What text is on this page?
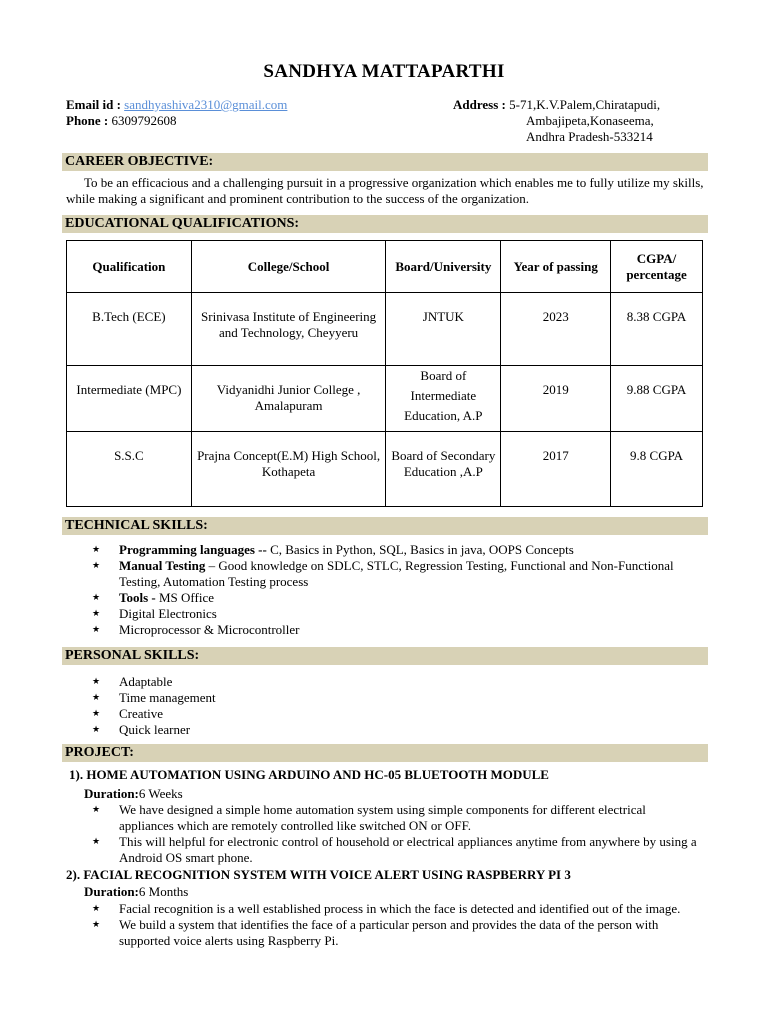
SANDHYA MATTAPARTHI
Email id : sandhyashiva2310@gmail.com
Phone : 6309792608
Address : 5-71,K.V.Palem,Chiratapudi,
Ambajipeta,Konaseema,
Andhra Pradesh-533214
CAREER OBJECTIVE:
To be an efficacious and a challenging pursuit in a progressive organization which enables me to fully utilize my skills, while making a significant and prominent contribution to the success of the organization.
EDUCATIONAL QUALIFICATIONS:
Qualification	College/School	Board/University	Year of passing	CGPA/ percentage
B.Tech (ECE)	Srinivasa Institute of Engineering and Technology, Cheyyeru	JNTUK	2023	8.38 CGPA
Intermediate (MPC)	Vidyanidhi Junior College , Amalapuram	Board of Intermediate Education, A.P	2019	9.88 CGPA
S.S.C	Prajna Concept(E.M) High School, Kothapeta	Board of Secondary Education ,A.P	2017	9.8 CGPA
TECHNICAL SKILLS:
★ Programming languages -- C, Basics in Python, SQL, Basics in java, OOPS Concepts
★ Manual Testing – Good knowledge on SDLC, STLC, Regression Testing, Functional and Non-Functional Testing, Automation Testing process
★ Tools - MS Office
★ Digital Electronics
★ Microprocessor & Microcontroller
PERSONAL SKILLS:
★ Adaptable
★ Time management
★ Creative
★ Quick learner
PROJECT:
1). HOME AUTOMATION USING ARDUINO AND HC-05 BLUETOOTH MODULE
Duration:6 Weeks
★ We have designed a simple home automation system using simple components for different electrical appliances which are remotely controlled like switched ON or OFF.
★ This will helpful for electronic control of household or electrical appliances anytime from anywhere by using a Android OS smart phone.
2). FACIAL RECOGNITION SYSTEM WITH VOICE ALERT USING RASPBERRY PI 3
Duration:6 Months
★ Facial recognition is a well established process in which the face is detected and identified out of the image.
★ We build a system that identifies the face of a particular person and provides the data of the person with supported voice alerts using Raspberry Pi.
